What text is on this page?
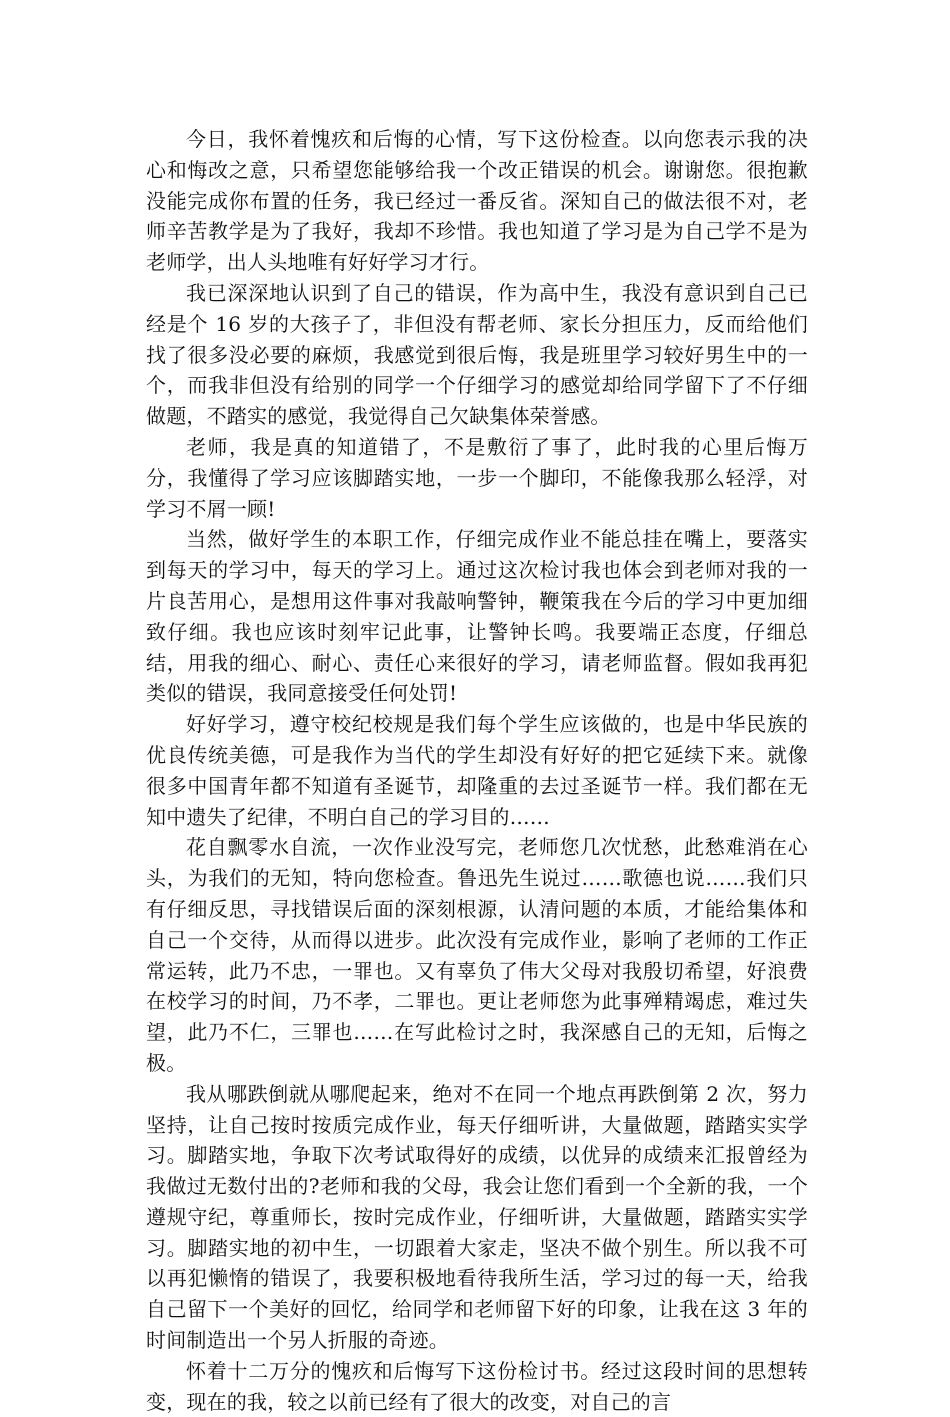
今日，我怀着愧疚和后悔的心情，写下这份检查。以向您表示我的决心和悔改之意，只希望您能够给我一个改正错误的机会。谢谢您。很抱歉没能完成你布置的任务，我已经过一番反省。深知自己的做法很不对，老师辛苦教学是为了我好，我却不珍惜。我也知道了学习是为自己学不是为老师学，出人头地唯有好好学习才行。

我已深深地认识到了自己的错误，作为高中生，我没有意识到自己已经是个 16 岁的大孩子了，非但没有帮老师、家长分担压力，反而给他们找了很多没必要的麻烦，我感觉到很后悔，我是班里学习较好男生中的一个，而我非但没有给别的同学一个仔细学习的感觉却给同学留下了不仔细做题，不踏实的感觉，我觉得自己欠缺集体荣誉感。

老师，我是真的知道错了，不是敷衍了事了，此时我的心里后悔万分，我懂得了学习应该脚踏实地，一步一个脚印，不能像我那么轻浮，对学习不屑一顾!

当然，做好学生的本职工作，仔细完成作业不能总挂在嘴上，要落实到每天的学习中，每天的学习上。通过这次检讨我也体会到老师对我的一片良苦用心，是想用这件事对我敲响警钟，鞭策我在今后的学习中更加细致仔细。我也应该时刻牢记此事，让警钟长鸣。我要端正态度，仔细总结，用我的细心、耐心、责任心来很好的学习，请老师监督。假如我再犯类似的错误，我同意接受任何处罚!

好好学习，遵守校纪校规是我们每个学生应该做的，也是中华民族的优良传统美德，可是我作为当代的学生却没有好好的把它延续下来。就像很多中国青年都不知道有圣诞节，却隆重的去过圣诞节一样。我们都在无知中遗失了纪律，不明白自己的学习目的……

花自飘零水自流，一次作业没写完，老师您几次忧愁，此愁难消在心头，为我们的无知，特向您检查。鲁迅先生说过……歌德也说……我们只有仔细反思，寻找错误后面的深刻根源，认清问题的本质，才能给集体和自己一个交待，从而得以进步。此次没有完成作业，影响了老师的工作正常运转，此乃不忠，一罪也。又有辜负了伟大父母对我殷切希望，好浪费在校学习的时间，乃不孝，二罪也。更让老师您为此事殚精竭虑，难过失望，此乃不仁，三罪也……在写此检讨之时，我深感自己的无知，后悔之极。

我从哪跌倒就从哪爬起来，绝对不在同一个地点再跌倒第 2 次，努力坚持，让自己按时按质完成作业，每天仔细听讲，大量做题，踏踏实实学习。脚踏实地，争取下次考试取得好的成绩，以优异的成绩来汇报曾经为我做过无数付出的?老师和我的父母，我会让您们看到一个全新的我，一个遵规守纪，尊重师长，按时完成作业，仔细听讲，大量做题，踏踏实实学习。脚踏实地的初中生，一切跟着大家走，坚决不做个别生。所以我不可以再犯懒惰的错误了，我要积极地看待我所生活，学习过的每一天，给我自己留下一个美好的回忆，给同学和老师留下好的印象，让我在这 3 年的时间制造出一个另人折服的奇迹。

怀着十二万分的愧疚和后悔写下这份检讨书。经过这段时间的思想转变，现在的我，较之以前已经有了很大的改变，对自己的言
